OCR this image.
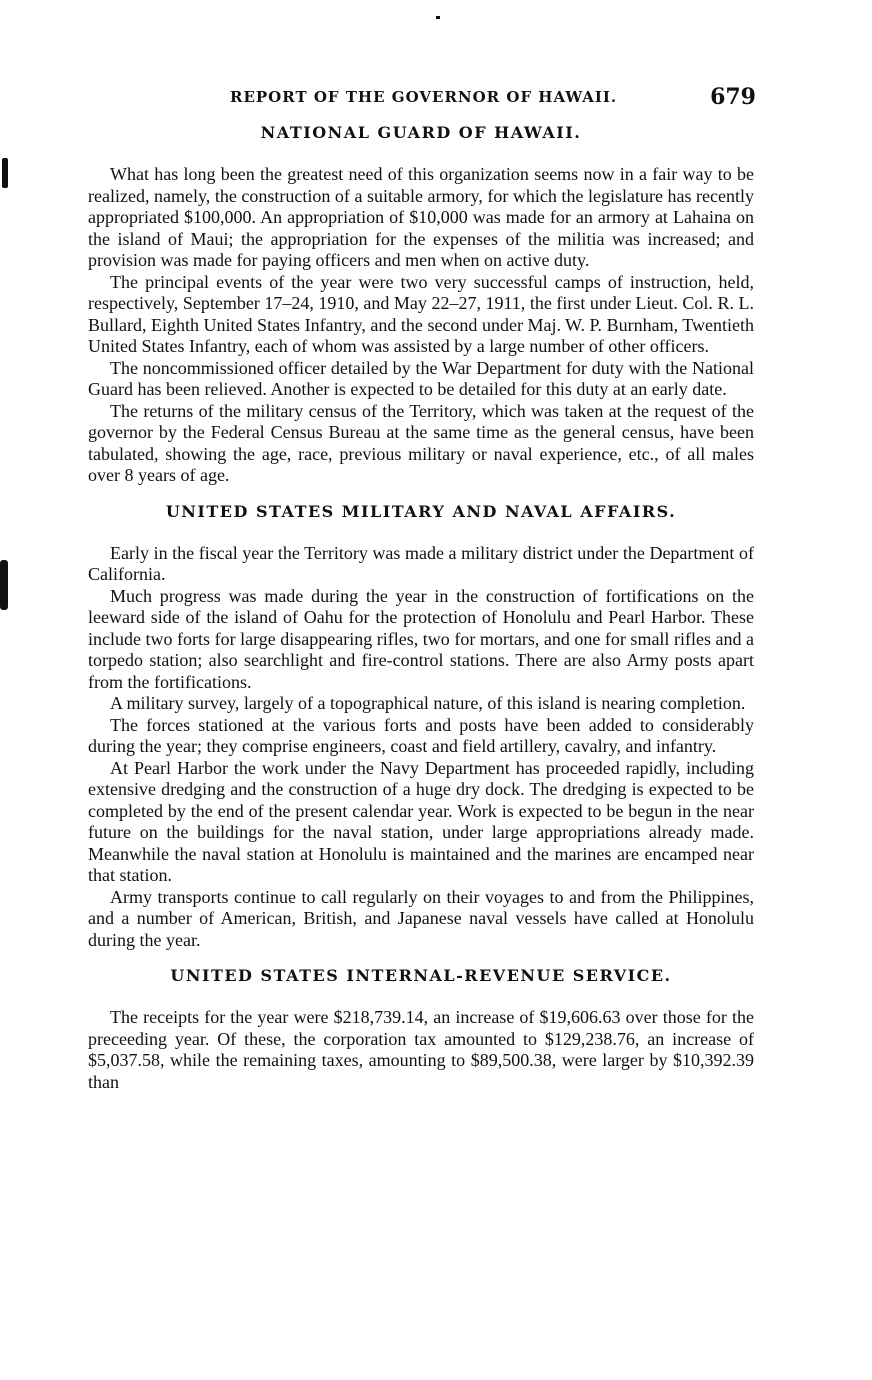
REPORT OF THE GOVERNOR OF HAWAII.	679
NATIONAL GUARD OF HAWAII.

What has long been the greatest need of this organization seems now in a fair way to be realized, namely, the construction of a suitable armory, for which the legislature has recently appropriated $100,000. An appropriation of $10,000 was made for an armory at Lahaina on the island of Maui; the appropriation for the expenses of the militia was increased; and provision was made for paying officers and men when on active duty.

The principal events of the year were two very successful camps of instruction, held, respectively, September 17–24, 1910, and May 22–27, 1911, the first under Lieut. Col. R. L. Bullard, Eighth United States Infantry, and the second under Maj. W. P. Burnham, Twentieth United States Infantry, each of whom was assisted by a large number of other officers.

The noncommissioned officer detailed by the War Department for duty with the National Guard has been relieved. Another is expected to be detailed for this duty at an early date.

The returns of the military census of the Territory, which was taken at the request of the governor by the Federal Census Bureau at the same time as the general census, have been tabulated, showing the age, race, previous military or naval experience, etc., of all males over 8 years of age.

UNITED STATES MILITARY AND NAVAL AFFAIRS.

Early in the fiscal year the Territory was made a military district under the Department of California.

Much progress was made during the year in the construction of fortifications on the leeward side of the island of Oahu for the protection of Honolulu and Pearl Harbor. These include two forts for large disappearing rifles, two for mortars, and one for small rifles and a torpedo station; also searchlight and fire-control stations. There are also Army posts apart from the fortifications.

A military survey, largely of a topographical nature, of this island is nearing completion.

The forces stationed at the various forts and posts have been added to considerably during the year; they comprise engineers, coast and field artillery, cavalry, and infantry.

At Pearl Harbor the work under the Navy Department has proceeded rapidly, including extensive dredging and the construction of a huge dry dock. The dredging is expected to be completed by the end of the present calendar year. Work is expected to be begun in the near future on the buildings for the naval station, under large appropriations already made. Meanwhile the naval station at Honolulu is maintained and the marines are encamped near that station.

Army transports continue to call regularly on their voyages to and from the Philippines, and a number of American, British, and Japanese naval vessels have called at Honolulu during the year.

UNITED STATES INTERNAL-REVENUE SERVICE.

The receipts for the year were $218,739.14, an increase of $19,606.63 over those for the preceeding year. Of these, the corporation tax amounted to $129,238.76, an increase of $5,037.58, while the remaining taxes, amounting to $89,500.38, were larger by $10,392.39 than
